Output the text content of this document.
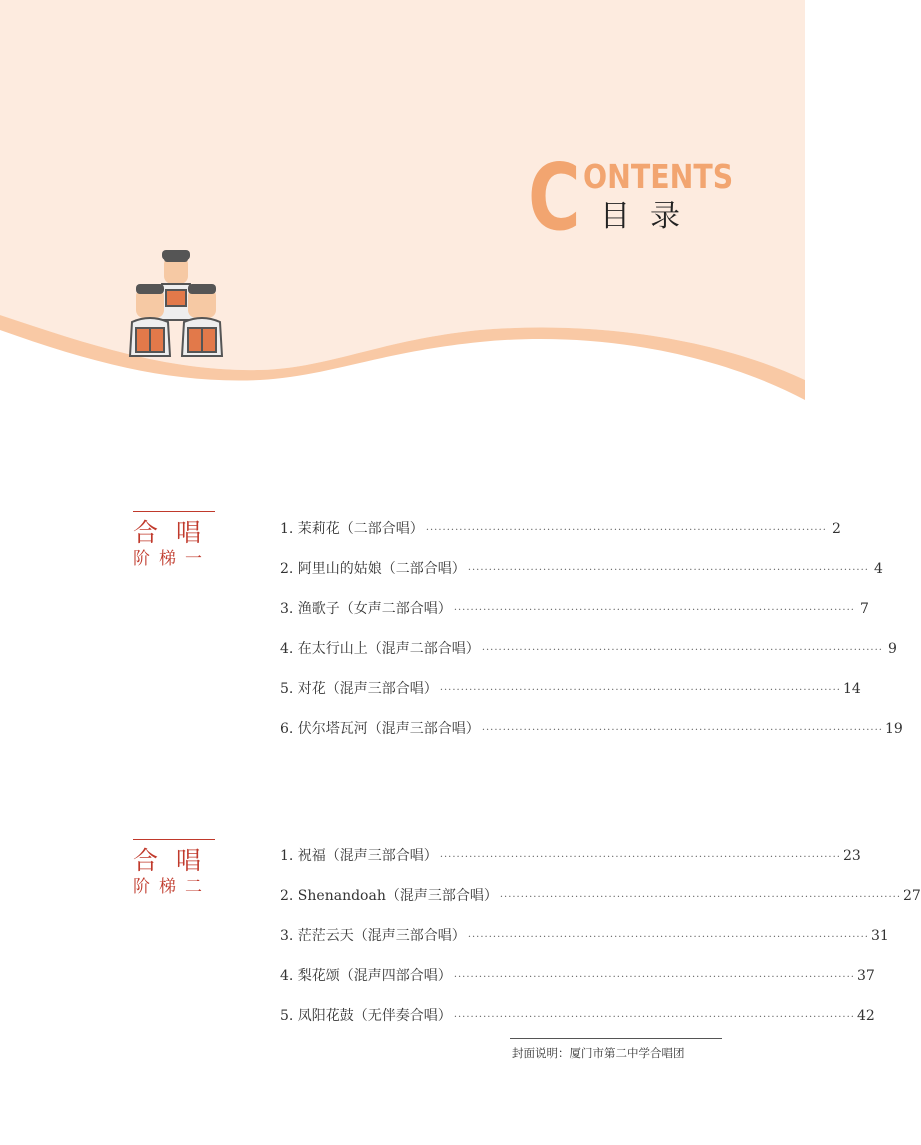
C ONTENTS
目录
合唱
阶梯一
1. 茉莉花（二部合唱） ································································································ 2
2. 阿里山的姑娘（二部合唱） ································································································ 4
3. 渔歌子（女声二部合唱） ································································································ 7
4. 在太行山上（混声二部合唱） ································································································ 9
5. 对花（混声三部合唱） ································································································ 14
6. 伏尔塔瓦河（混声三部合唱） ································································································ 19
合唱
阶梯二
1. 祝福（混声三部合唱） ································································································ 23
2. Shenandoah（混声三部合唱） ································································································ 27
3. 茫茫云天（混声三部合唱） ································································································ 31
4. 梨花颂（混声四部合唱） ································································································ 37
5. 凤阳花鼓（无伴奏合唱） ································································································ 42
封面说明：厦门市第二中学合唱团
